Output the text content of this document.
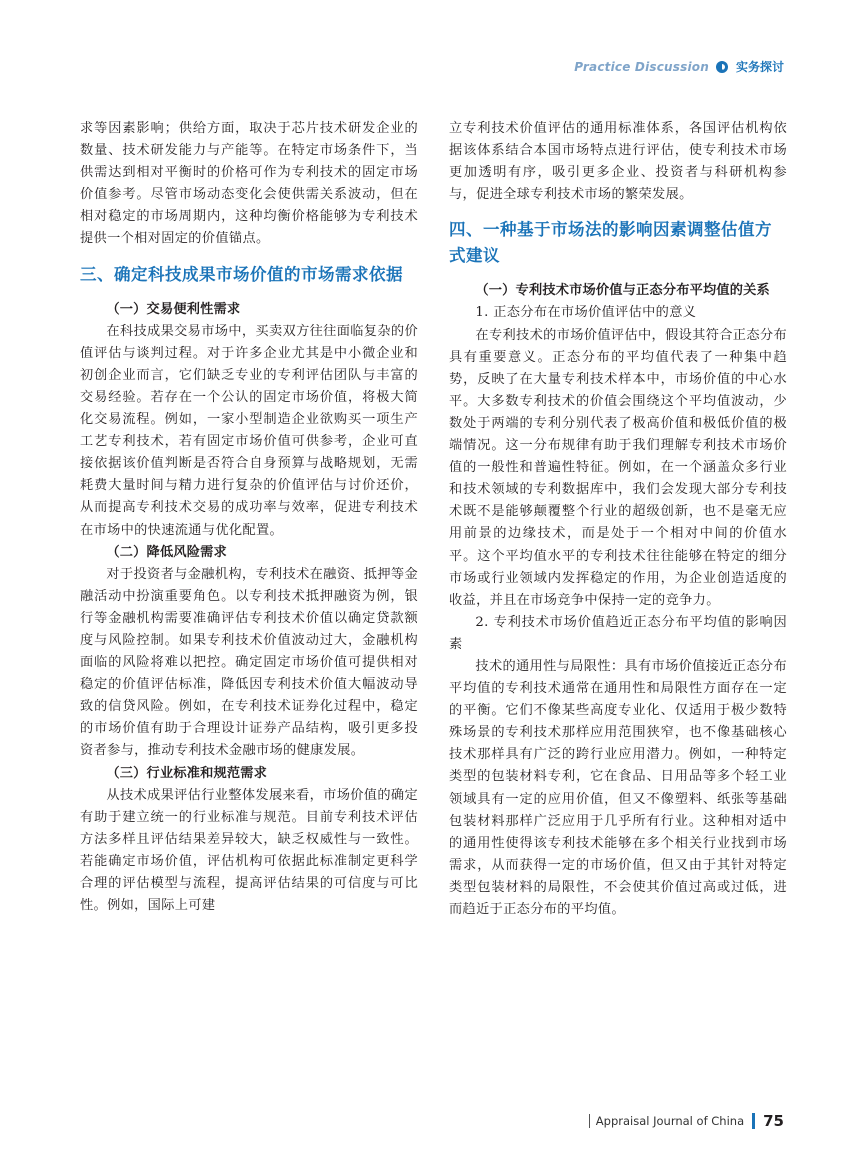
Practice Discussion 实务探讨

求等因素影响；供给方面，取决于芯片技术研发企业的数量、技术研发能力与产能等。在特定市场条件下，当供需达到相对平衡时的价格可作为专利技术的固定市场价值参考。尽管市场动态变化会使供需关系波动，但在相对稳定的市场周期内，这种均衡价格能够为专利技术提供一个相对固定的价值锚点。

三、确定科技成果市场价值的市场需求依据

（一）交易便利性需求

在科技成果交易市场中，买卖双方往往面临复杂的价值评估与谈判过程。对于许多企业尤其是中小微企业和初创企业而言，它们缺乏专业的专利评估团队与丰富的交易经验。若存在一个公认的固定市场价值，将极大简化交易流程。例如，一家小型制造企业欲购买一项生产工艺专利技术，若有固定市场价值可供参考，企业可直接依据该价值判断是否符合自身预算与战略规划，无需耗费大量时间与精力进行复杂的价值评估与讨价还价，从而提高专利技术交易的成功率与效率，促进专利技术在市场中的快速流通与优化配置。

（二）降低风险需求

对于投资者与金融机构，专利技术在融资、抵押等金融活动中扮演重要角色。以专利技术抵押融资为例，银行等金融机构需要准确评估专利技术价值以确定贷款额度与风险控制。如果专利技术价值波动过大，金融机构面临的风险将难以把控。确定固定市场价值可提供相对稳定的价值评估标准，降低因专利技术价值大幅波动导致的信贷风险。例如，在专利技术证券化过程中，稳定的市场价值有助于合理设计证券产品结构，吸引更多投资者参与，推动专利技术金融市场的健康发展。

（三）行业标准和规范需求

从技术成果评估行业整体发展来看，市场价值的确定有助于建立统一的行业标准与规范。目前专利技术评估方法多样且评估结果差异较大，缺乏权威性与一致性。若能确定市场价值，评估机构可依据此标准制定更科学合理的评估模型与流程，提高评估结果的可信度与可比性。例如，国际上可建

立专利技术价值评估的通用标准体系，各国评估机构依据该体系结合本国市场特点进行评估，使专利技术市场更加透明有序，吸引更多企业、投资者与科研机构参与，促进全球专利技术市场的繁荣发展。

四、一种基于市场法的影响因素调整估值方式建议

（一）专利技术市场价值与正态分布平均值的关系

1. 正态分布在市场价值评估中的意义

在专利技术的市场价值评估中，假设其符合正态分布具有重要意义。正态分布的平均值代表了一种集中趋势，反映了在大量专利技术样本中，市场价值的中心水平。大多数专利技术的价值会围绕这个平均值波动，少数处于两端的专利分别代表了极高价值和极低价值的极端情况。这一分布规律有助于我们理解专利技术市场价值的一般性和普遍性特征。例如，在一个涵盖众多行业和技术领域的专利数据库中，我们会发现大部分专利技术既不是能够颠覆整个行业的超级创新，也不是毫无应用前景的边缘技术，而是处于一个相对中间的价值水平。这个平均值水平的专利技术往往能够在特定的细分市场或行业领域内发挥稳定的作用，为企业创造适度的收益，并且在市场竞争中保持一定的竞争力。

2. 专利技术市场价值趋近正态分布平均值的影响因素

技术的通用性与局限性：具有市场价值接近正态分布平均值的专利技术通常在通用性和局限性方面存在一定的平衡。它们不像某些高度专业化、仅适用于极少数特殊场景的专利技术那样应用范围狭窄，也不像基础核心技术那样具有广泛的跨行业应用潜力。例如，一种特定类型的包装材料专利，它在食品、日用品等多个轻工业领域具有一定的应用价值，但又不像塑料、纸张等基础包装材料那样广泛应用于几乎所有行业。这种相对适中的通用性使得该专利技术能够在多个相关行业找到市场需求，从而获得一定的市场价值，但又由于其针对特定类型包装材料的局限性，不会使其价值过高或过低，进而趋近于正态分布的平均值。

Appraisal Journal of China 75
